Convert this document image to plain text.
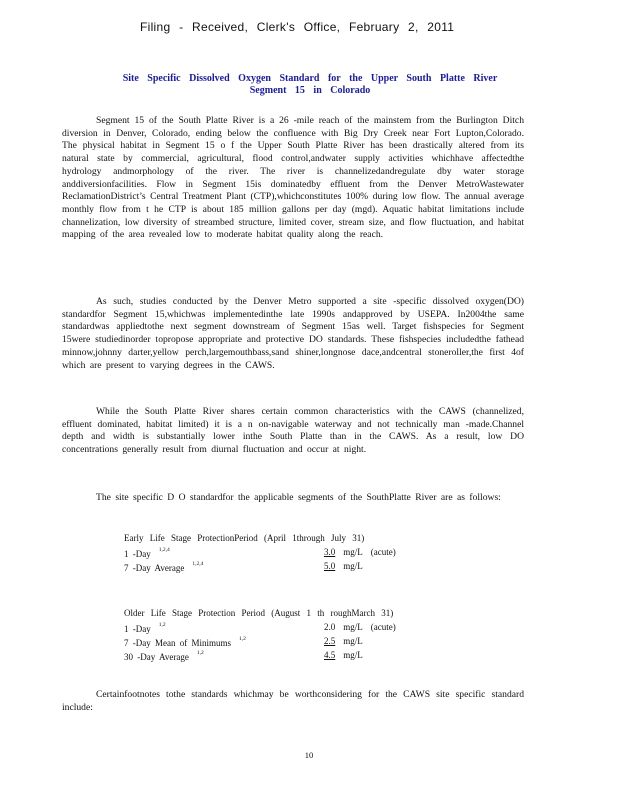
Filing - Received, Clerk's Office, February 2, 2011
Site Specific Dissolved Oxygen Standard for the Upper South Platte River
Segment 15 in Colorado
Segment 15 of the South Platte River is a 26 -mile reach of the mainstem from the Burlington Ditch diversion in Denver, Colorado, ending below the confluence with Big Dry Creek near Fort Lupton,Colorado. The physical habitat in Segment 15 o f the Upper South Platte River has been drastically altered from its natural state by commercial, agricultural, flood control,andwater supply activities whichhave affectedthe hydrology andmorphology of the river. The river is channelizedandregulate dby water storage anddiversionfacilities. Flow in Segment 15is dominatedby effluent from the Denver MetroWastewater ReclamationDistrict’s Central Treatment Plant (CTP),whichconstitutes 100% during low flow. The annual average monthly flow from t he CTP is about 185 million gallons per day (mgd). Aquatic habitat limitations include channelization, low diversity of streambed structure, limited cover, stream size, and flow fluctuation, and habitat mapping of the area revealed low to moderate habitat quality along the reach.
As such, studies conducted by the Denver Metro supported a site -specific dissolved oxygen(DO) standardfor Segment 15,whichwas implementedinthe late 1990s andapproved by USEPA. In2004the same standardwas appliedtothe next segment downstream of Segment 15as well. Target fishspecies for Segment 15were studiedinorder topropose appropriate and protective DO standards. These fishspecies includedthe fathead minnow,johnny darter,yellow perch,largemouthbass,sand shiner,longnose dace,andcentral stoneroller,the first 4of which are present to varying degrees in the CAWS.
While the South Platte River shares certain common characteristics with the CAWS (channelized, effluent dominated, habitat limited) it is a n on-navigable waterway and not technically man -made.Channel depth and width is substantially lower inthe South Platte than in the CAWS. As a result, low DO concentrations generally result from diurnal fluctuation and occur at night.
The site specific D O standardfor the applicable segments of the SouthPlatte River are as follows:
Early Life Stage ProtectionPeriod (April 1through July 31)
1 -Day $^{1,2,4}$	3.0 mg/L (acute)
7 -Day Average $^{1,2,4}$	5.0 mg/L
Older Life Stage Protection Period (August 1 th roughMarch 31)
1 -Day $^{1,2}$	2.0 mg/L (acute)
7 -Day Mean of Minimums $^{1,2}$	2.5 mg/L
30 -Day Average $^{1,2}$	4.5 mg/L
Certainfootnotes tothe standards whichmay be worthconsidering for the CAWS site specific standard include:
10
